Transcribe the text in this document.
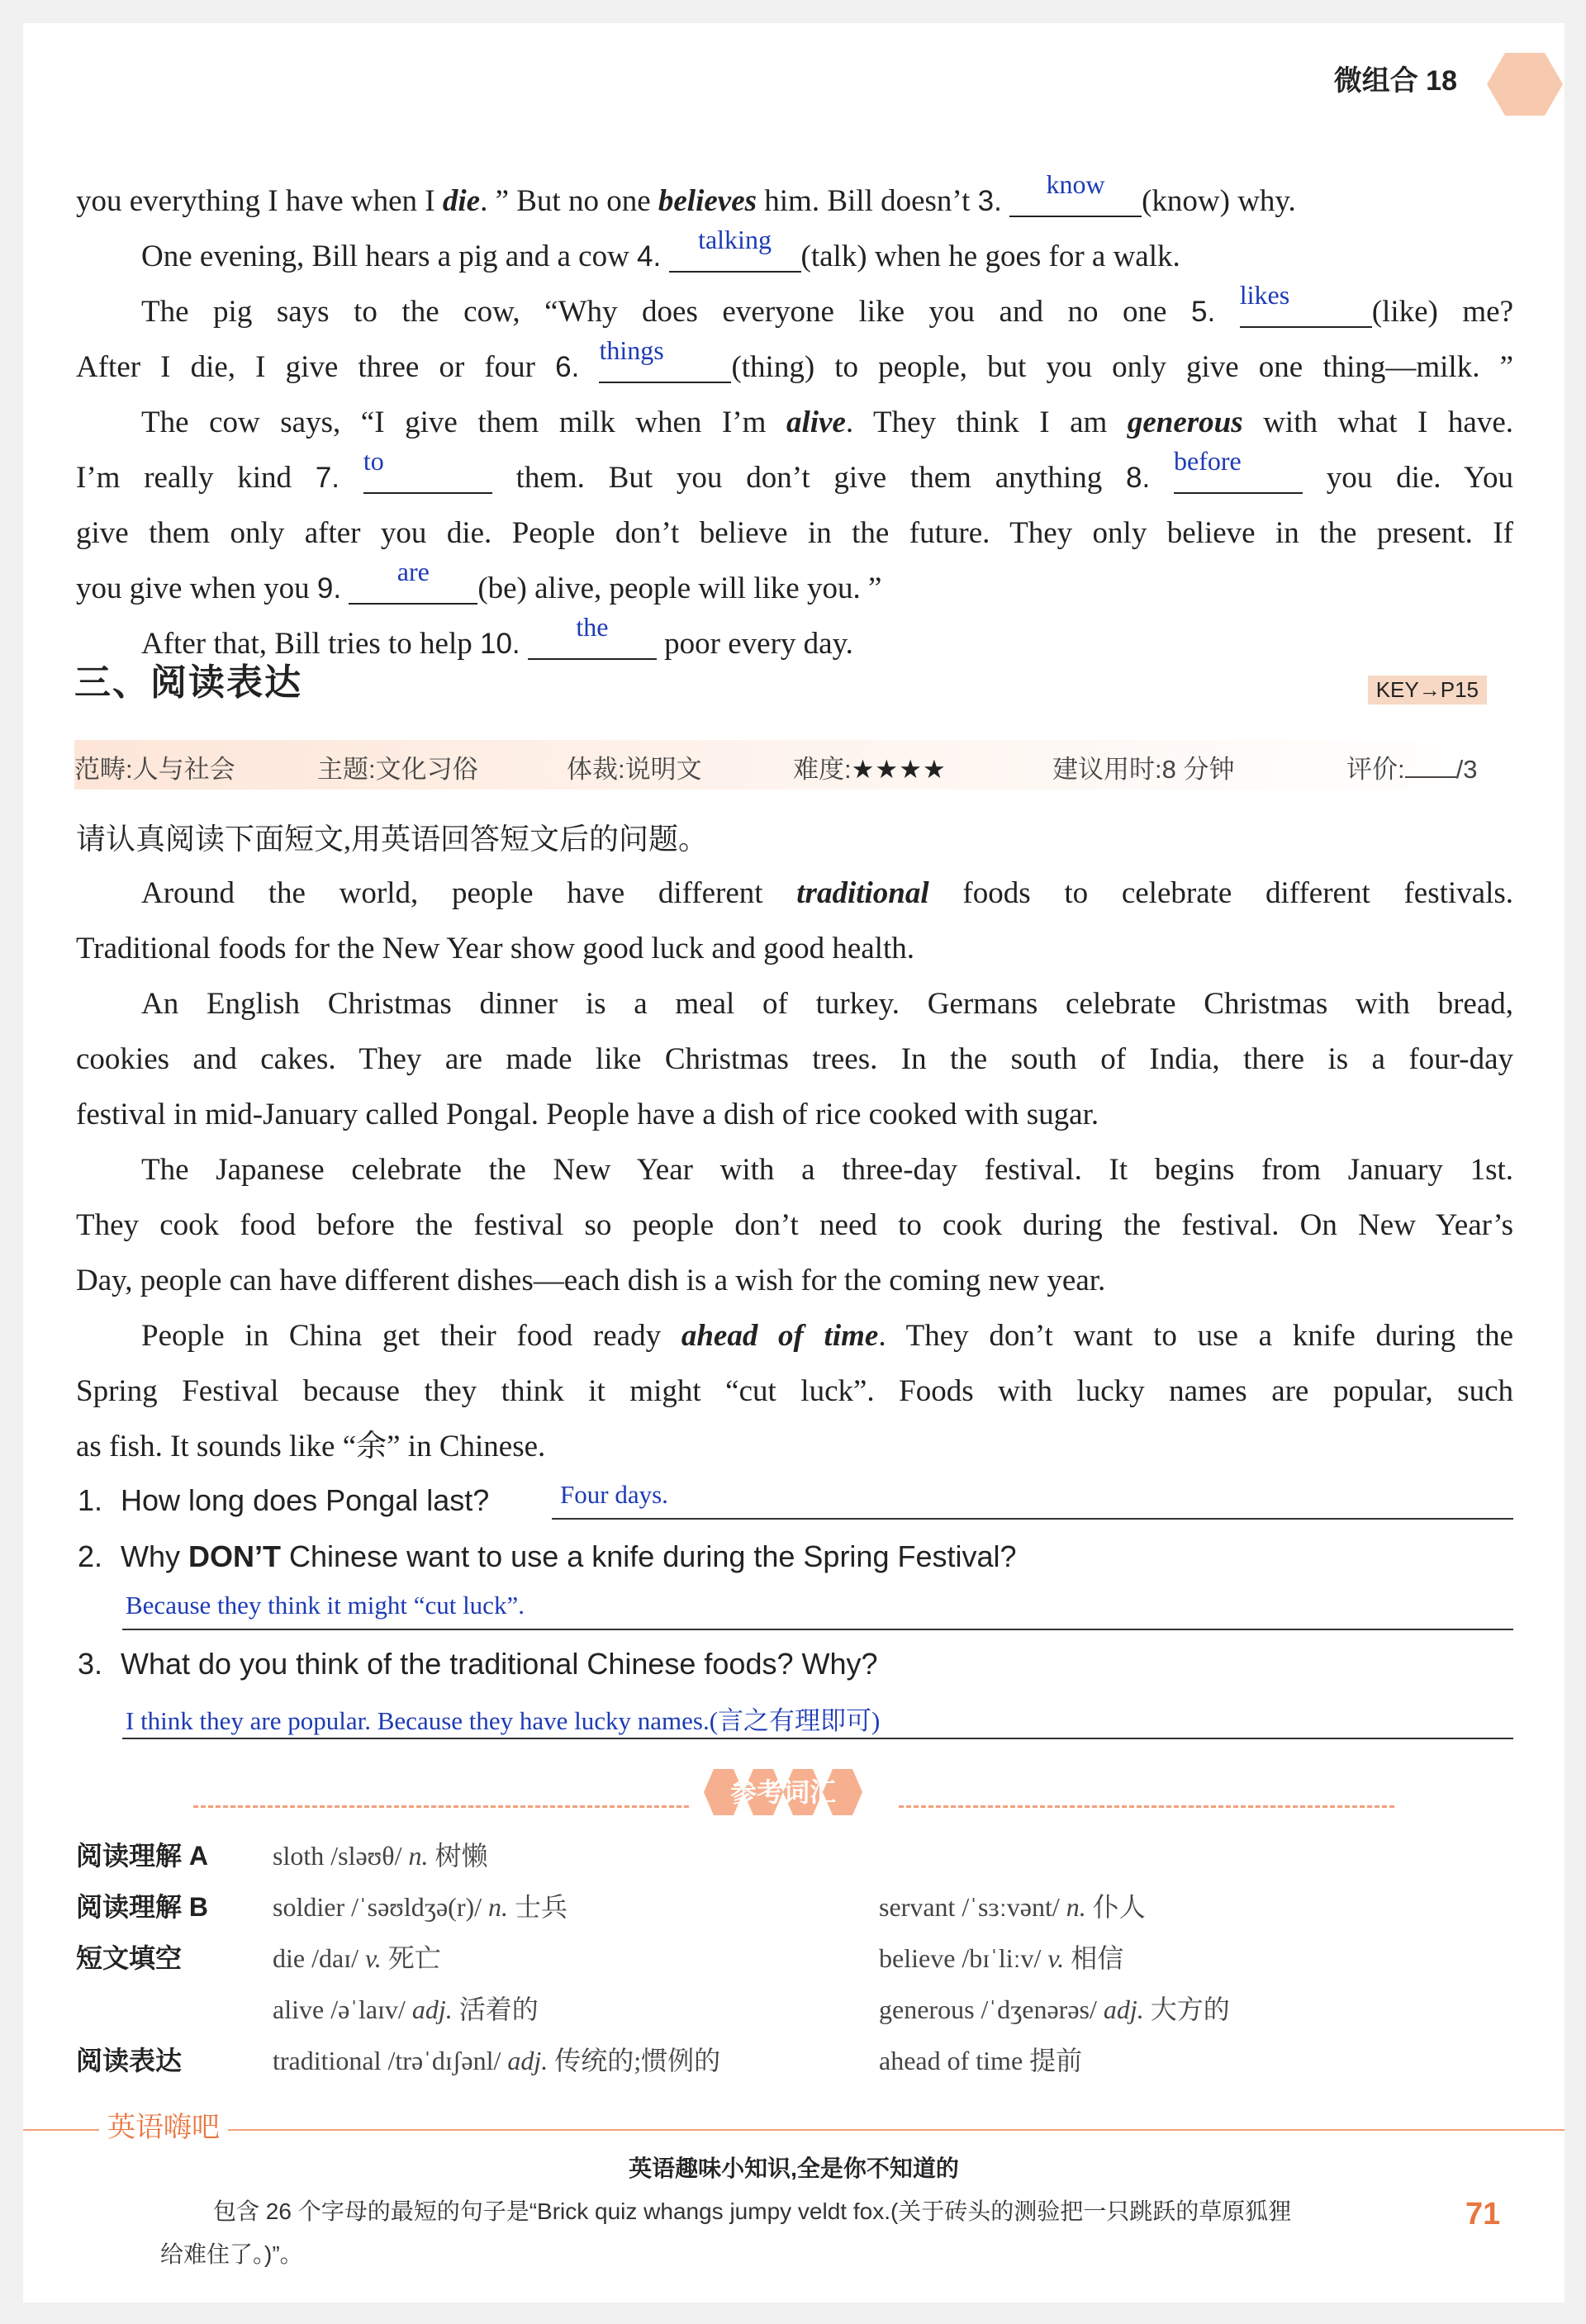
微组合 18
you everything I have when I die. ” But no one believes him. Bill doesn’t 3.
know	(know) why.
One evening, Bill hears a pig and a cow 4.
talking (talk) when he goes for a walk.
The pig says to the cow, “Why does everyone like you and no one 5.
likes	(like) me?
After I die, I give three or four 6.
things	(thing) to people, but you only give one thing—milk. ”
The cow says, “I give them milk when I’m alive. They think I am generous with what I have.
I’m really kind 7.
to	them. But you don’t give them anything 8.
before	you die. You
give them only after you die. People don’t believe in the future. They only believe in the present. If
you give when you 9.
are	(be) alive, people will like you. ”
After that, Bill tries to help 10.
the	poor every day.
三、阅读表达	KEY→P15
范畴:人与社会	主题:文化习俗	体裁:说明文	难度:★★★★	建议用时:8 分钟	评价: /3
请认真阅读下面短文,用英语回答短文后的问题。
Around the world, people have different traditional foods to celebrate different festivals.
Traditional foods for the New Year show good luck and good health.
An English Christmas dinner is a meal of turkey. Germans celebrate Christmas with bread,
cookies and cakes. They are made like Christmas trees. In the south of India, there is a four-day
festival in mid-January called Pongal. People have a dish of rice cooked with sugar.
The Japanese celebrate the New Year with a three-day festival. It begins from January 1st.
They cook food before the festival so people don’t need to cook during the festival. On New Year’s
Day, people can have different dishes—each dish is a wish for the coming new year.
People in China get their food ready ahead of time. They don’t want to use a knife during the
Spring Festival because they think it might “cut luck”. Foods with lucky names are popular, such
as fish. It sounds like “余” in Chinese.
1. How long does Pongal last?	Four days.
2. Why DON’T Chinese want to use a knife during the Spring Festival?
Because they think it might “cut luck”.
3. What do you think of the traditional Chinese foods? Why?
I think they are popular. Because they have lucky names.(言之有理即可)
参考词汇
阅读理解 A sloth /sləʊθ/ n. 树懒
阅读理解 B soldier /ˈsəʊldʒə(r)/ n. 士兵	servant /ˈsɜːvənt/ n. 仆人
短文填空	die /daɪ/ v. 死亡	believe /bɪˈliːv/ v. 相信
alive /əˈlaɪv/ adj. 活着的	generous /ˈdʒenərəs/ adj. 大方的
阅读表达	traditional /trəˈdɪʃənl/ adj. 传统的;惯例的	ahead of time 提前
英语嗨吧
英语趣味小知识,全是你不知道的
包含 26 个字母的最短的句子是“Brick quiz whangs jumpy veldt fox.(关于砖头的测验把一只跳跃的草原狐狸
给难住了。)”。
71
